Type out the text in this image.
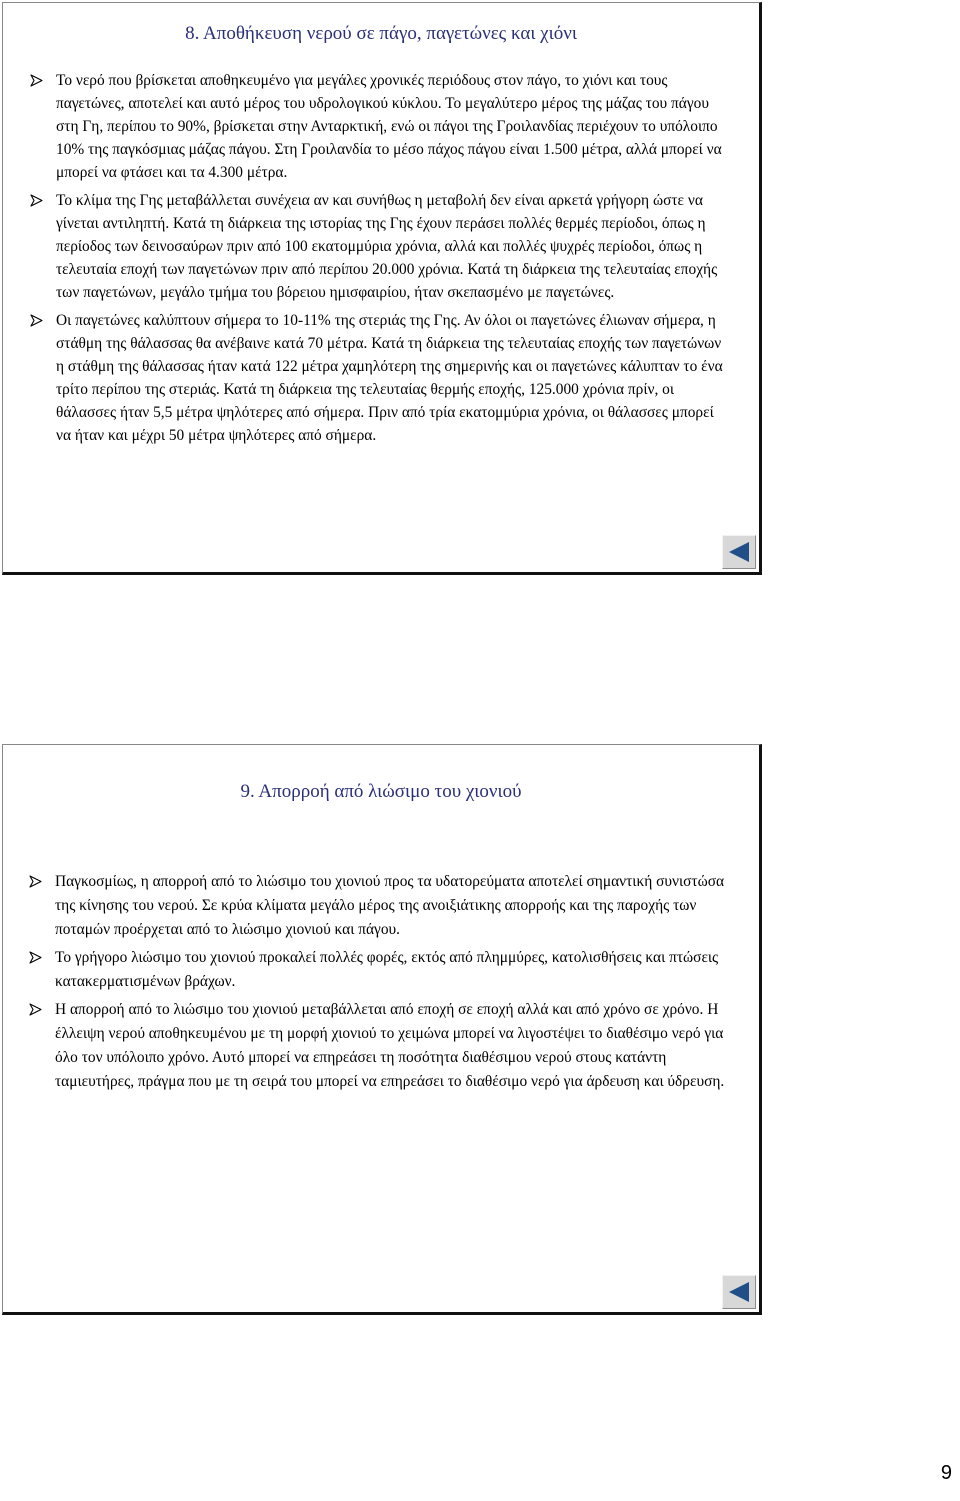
8. Αποθήκευση νερού σε πάγο, παγετώνες και χιόνι
Το νερό που βρίσκεται αποθηκευμένο για μεγάλες χρονικές περιόδους στον πάγο, το χιόνι και τους παγετώνες, αποτελεί και αυτό μέρος του υδρολογικού κύκλου. Το μεγαλύτερο μέρος της μάζας του πάγου στη Γη, περίπου το 90%, βρίσκεται στην Ανταρκτική, ενώ οι πάγοι της Γροιλανδίας περιέχουν το υπόλοιπο 10% της παγκόσμιας μάζας πάγου. Στη Γροιλανδία το μέσο πάχος πάγου είναι 1.500 μέτρα, αλλά μπορεί να μπορεί να φτάσει και τα 4.300 μέτρα.
Το κλίμα της Γης μεταβάλλεται συνέχεια αν και συνήθως η μεταβολή δεν είναι αρκετά γρήγορη ώστε να γίνεται αντιληπτή. Κατά τη διάρκεια της ιστορίας της Γης έχουν περάσει πολλές θερμές περίοδοι, όπως η περίοδος των δεινοσαύρων πριν από 100 εκατομμύρια χρόνια, αλλά και πολλές ψυχρές περίοδοι, όπως η τελευταία εποχή των παγετώνων πριν από περίπου 20.000 χρόνια. Κατά τη διάρκεια της τελευταίας εποχής των παγετώνων, μεγάλο τμήμα του βόρειου ημισφαιρίου, ήταν σκεπασμένο με παγετώνες.
Οι παγετώνες καλύπτουν σήμερα το 10-11% της στεριάς της Γης. Αν όλοι οι παγετώνες έλιωναν σήμερα, η στάθμη της θάλασσας θα ανέβαινε κατά 70 μέτρα. Κατά τη διάρκεια της τελευταίας εποχής των παγετώνων η στάθμη της θάλασσας ήταν κατά 122 μέτρα χαμηλότερη της σημερινής και οι παγετώνες κάλυπταν το ένα τρίτο περίπου της στεριάς. Κατά τη διάρκεια της τελευταίας θερμής εποχής, 125.000 χρόνια πρίν, οι θάλασσες ήταν 5,5 μέτρα ψηλότερες από σήμερα. Πριν από τρία εκατομμύρια χρόνια, οι θάλασσες μπορεί να ήταν και μέχρι 50 μέτρα ψηλότερες από σήμερα.
9. Απορροή από λιώσιμο του χιονιού
Παγκοσμίως, η απορροή από το λιώσιμο του χιονιού προς τα υδατορεύματα αποτελεί σημαντική συνιστώσα της κίνησης του νερού. Σε κρύα κλίματα μεγάλο μέρος της ανοιξιάτικης απορροής και της παροχής των ποταμών προέρχεται από το λιώσιμο χιονιού και πάγου.
Το γρήγορο λιώσιμο του χιονιού προκαλεί πολλές φορές, εκτός από πλημμύρες, κατολισθήσεις και πτώσεις κατακερματισμένων βράχων.
Η απορροή από το λιώσιμο του χιονιού μεταβάλλεται από εποχή σε εποχή αλλά και από χρόνο σε χρόνο. Η έλλειψη νερού αποθηκευμένου με τη μορφή χιονιού το χειμώνα μπορεί να λιγοστέψει το διαθέσιμο νερό για όλο τον υπόλοιπο χρόνο. Αυτό μπορεί να επηρεάσει τη ποσότητα διαθέσιμου νερού στους κατάντη ταμιευτήρες, πράγμα που με τη σειρά του μπορεί να επηρεάσει το διαθέσιμο νερό για άρδευση και ύδρευση.
9
